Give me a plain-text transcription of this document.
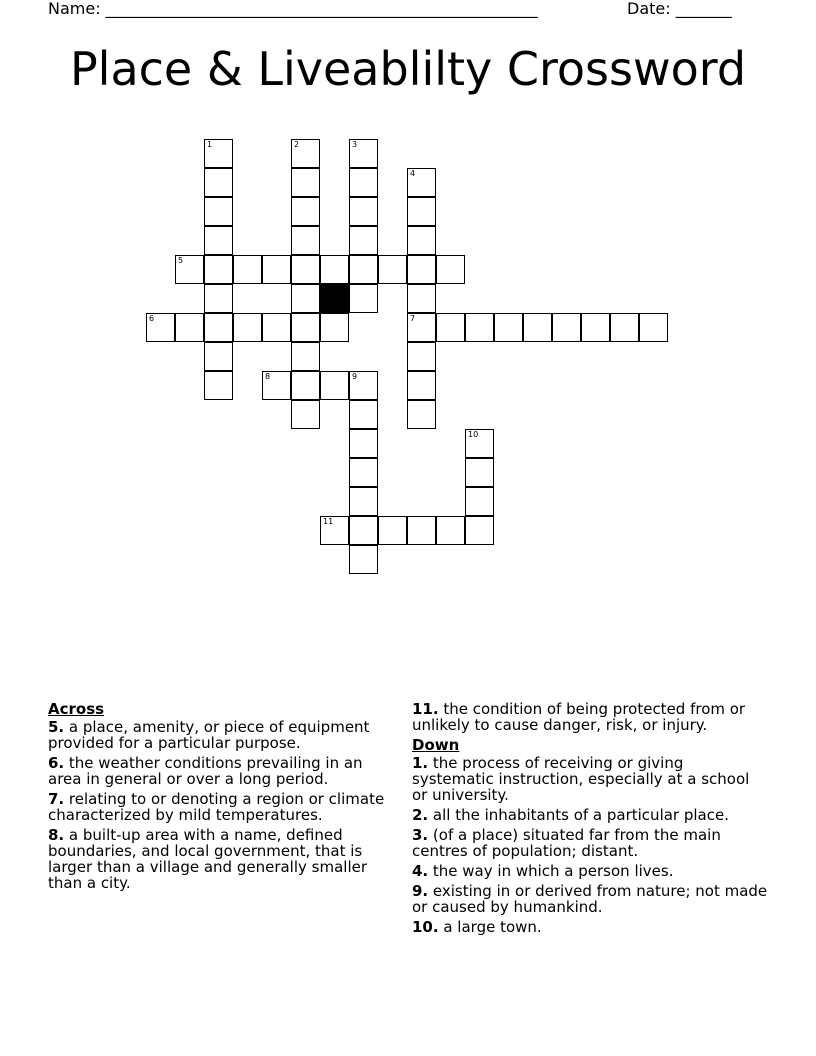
Name: ______________________________________________________	Date: _______
Place & Liveablilty Crossword
1	2	3
4
5
6	7
8	9
10
11
Across
5. a place, amenity, or piece of equipment provided for a particular purpose.
6. the weather conditions prevailing in an area in general or over a long period.
7. relating to or denoting a region or climate characterized by mild temperatures.
8. a built-up area with a name, defined boundaries, and local government, that is larger than a village and generally smaller than a city.
11. the condition of being protected from or unlikely to cause danger, risk, or injury.
Down
1. the process of receiving or giving systematic instruction, especially at a school or university.
2. all the inhabitants of a particular place.
3. (of a place) situated far from the main centres of population; distant.
4. the way in which a person lives.
9. existing in or derived from nature; not made or caused by humankind.
10. a large town.
